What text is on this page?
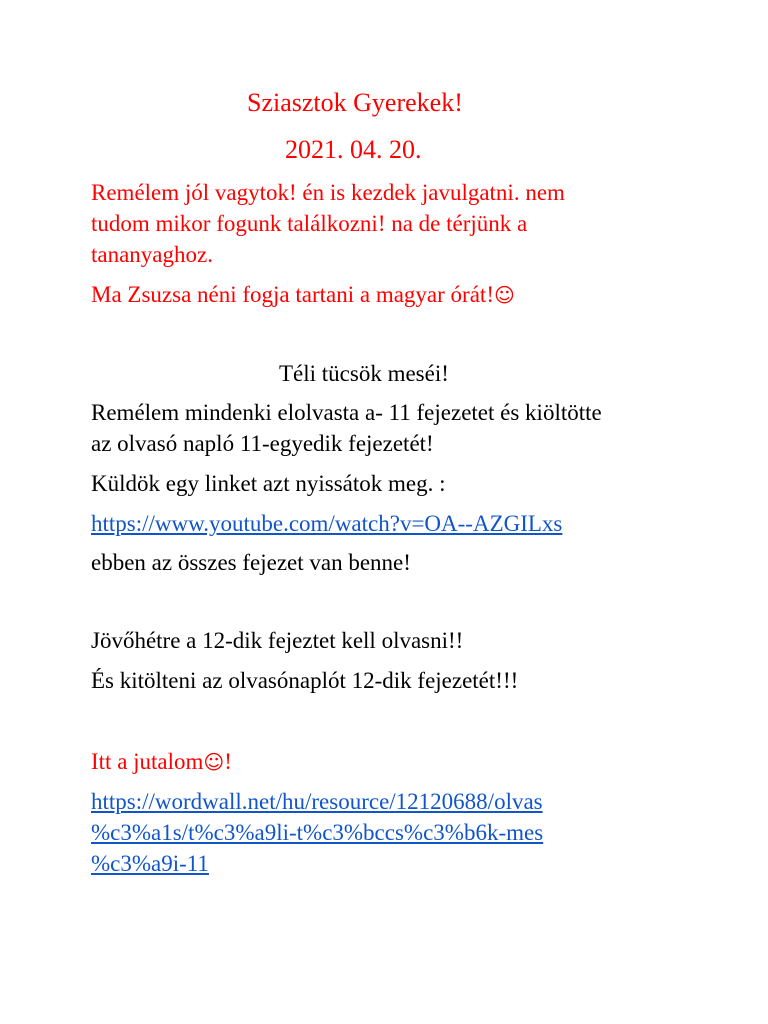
Sziasztok Gyerekek!

2021. 04. 20.

Remélem jól vagytok! én is kezdek javulgatni. nem

tudom mikor fogunk találkozni! na de térjünk a

tananyaghoz.

Ma Zsuzsa néni fogja tartani a magyar órát!☺

Téli tücsök meséi!

Remélem mindenki elolvasta a- 11 fejezetet és kiöltötte

az olvasó napló 11-egyedik fejezetét!

Küldök egy linket azt nyissátok meg. :

https://www.youtube.com/watch?v=OA--AZGILxs

ebben az összes fejezet van benne!

Jövőhétre a 12-dik fejeztet kell olvasni!!

És kitölteni az olvasónaplót 12-dik fejezetét!!!

Itt a jutalom☺!

https://wordwall.net/hu/resource/12120688/olvas

%c3%a1s/t%c3%a9li-t%c3%bccs%c3%b6k-mes

%c3%a9i-11
